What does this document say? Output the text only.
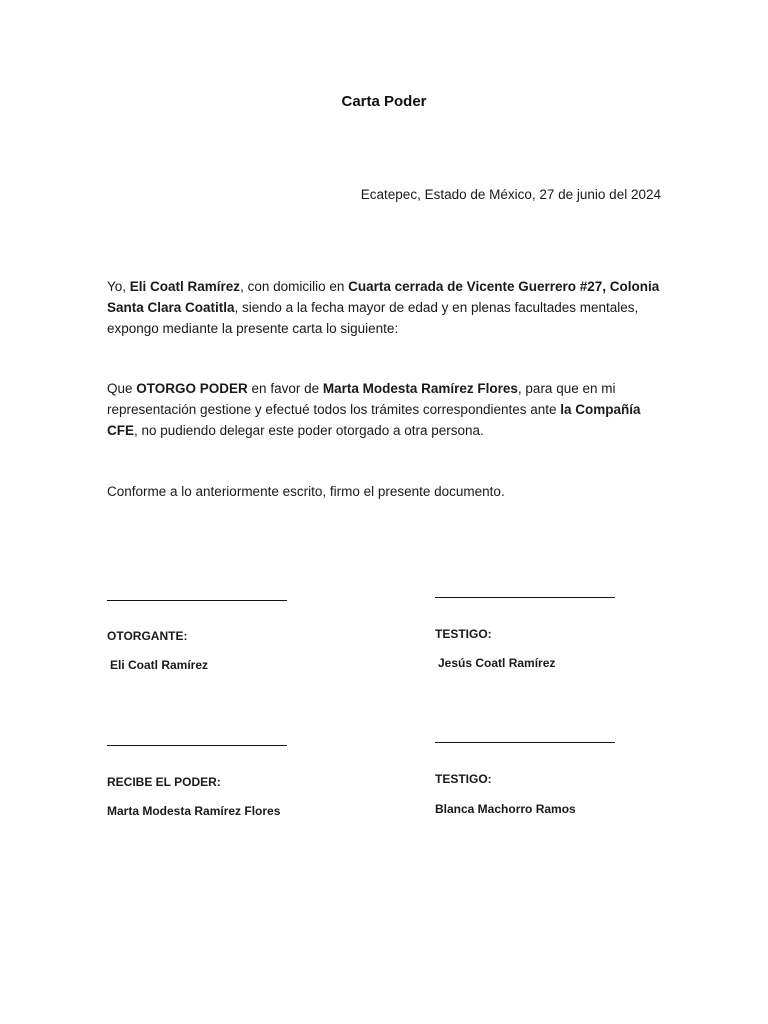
Carta Poder
Ecatepec, Estado de México, 27 de junio del 2024
Yo, Eli Coatl Ramírez, con domicilio en Cuarta cerrada de Vicente Guerrero #27, Colonia Santa Clara Coatitla, siendo a la fecha mayor de edad y en plenas facultades mentales, expongo mediante la presente carta lo siguiente:
Que OTORGO PODER en favor de Marta Modesta Ramírez Flores, para que en mi representación gestione y efectué todos los trámites correspondientes ante la Compañía CFE, no pudiendo delegar este poder otorgado a otra persona.
Conforme a lo anteriormente escrito, firmo el presente documento.
OTORGANTE:
Eli Coatl Ramírez
TESTIGO:
Jesús Coatl Ramírez
RECIBE EL PODER:
Marta Modesta Ramírez Flores
TESTIGO:
Blanca Machorro Ramos
